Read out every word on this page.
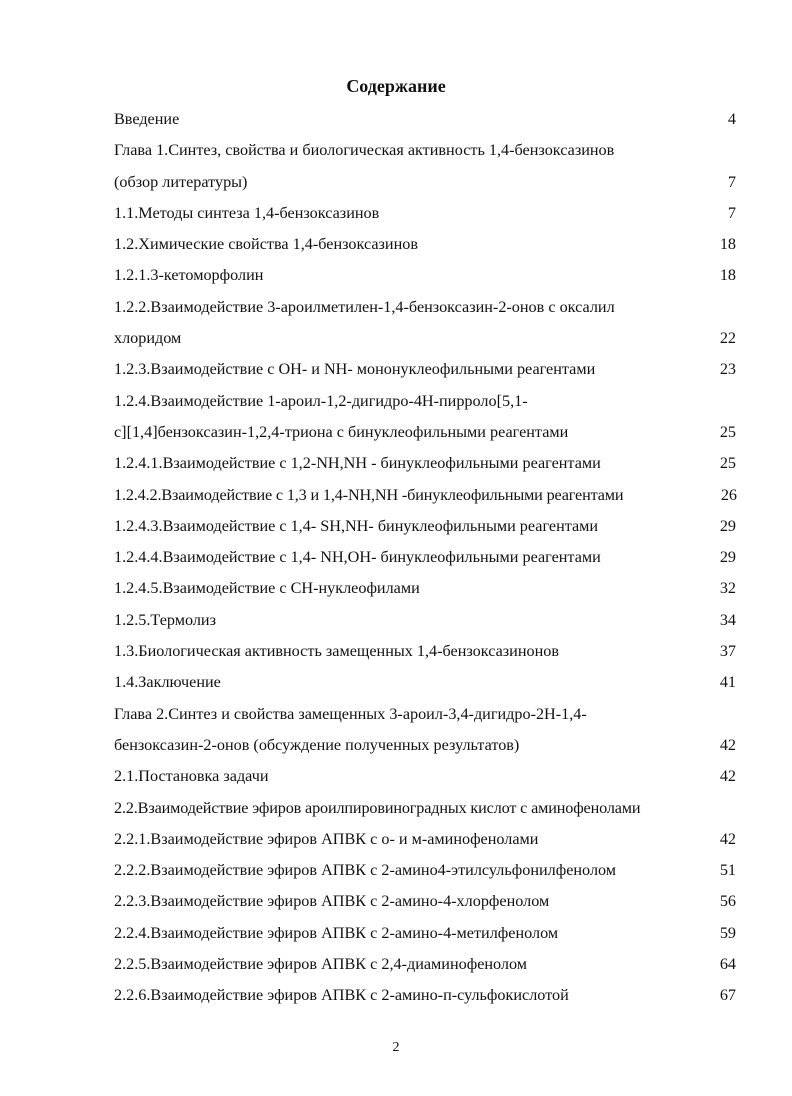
Содержание
Введение	4
Глава 1.Синтез, свойства и биологическая активность 1,4-бензоксазинов
(обзор литературы)	7
1.1.Методы синтеза 1,4-бензоксазинов	7
1.2.Химические свойства 1,4-бензоксазинов	18
1.2.1.3-кетоморфолин	18
1.2.2.Взаимодействие 3-ароилметилен-1,4-бензоксазин-2-онов с оксалил
хлоридом	22
1.2.3.Взаимодействие с ОН- и NH- мононуклеофильными реагентами	23
1.2.4.Взаимодействие 1-ароил-1,2-дигидро-4Н-пирроло[5,1-
c][1,4]бензоксазин-1,2,4-триона с бинуклеофильными реагентами	25
1.2.4.1.Взаимодействие с 1,2-NH,NH - бинуклеофильными реагентами	25
1.2.4.2.Взаимодействие с 1,3 и 1,4-NH,NH -бинуклеофильными реагентами	26
1.2.4.3.Взаимодействие с 1,4- SH,NH- бинуклеофильными реагентами	29
1.2.4.4.Взаимодействие с 1,4- NH,OH- бинуклеофильными реагентами	29
1.2.4.5.Взаимодействие с CH-нуклеофилами	32
1.2.5.Термолиз	34
1.3.Биологическая активность замещенных 1,4-бензоксазинонов	37
1.4.Заключение	41
Глава 2.Синтез и свойства замещенных 3-ароил-3,4-дигидро-2H-1,4-
бензоксазин-2-онов (обсуждение полученных результатов)	42
2.1.Постановка задачи	42
2.2.Взаимодействие эфиров ароилпировиноградных кислот с аминофенолами
2.2.1.Взаимодействие эфиров АПВК с о- и м-аминофенолами	42
2.2.2.Взаимодействие эфиров АПВК с 2-амино4-этилсульфонилфенолом	51
2.2.3.Взаимодействие эфиров АПВК с 2-амино-4-хлорфенолом	56
2.2.4.Взаимодействие эфиров АПВК с 2-амино-4-метилфенолом	59
2.2.5.Взаимодействие эфиров АПВК с 2,4-диаминофенолом	64
2.2.6.Взаимодействие эфиров АПВК с 2-амино-п-сульфокислотой	67
2
